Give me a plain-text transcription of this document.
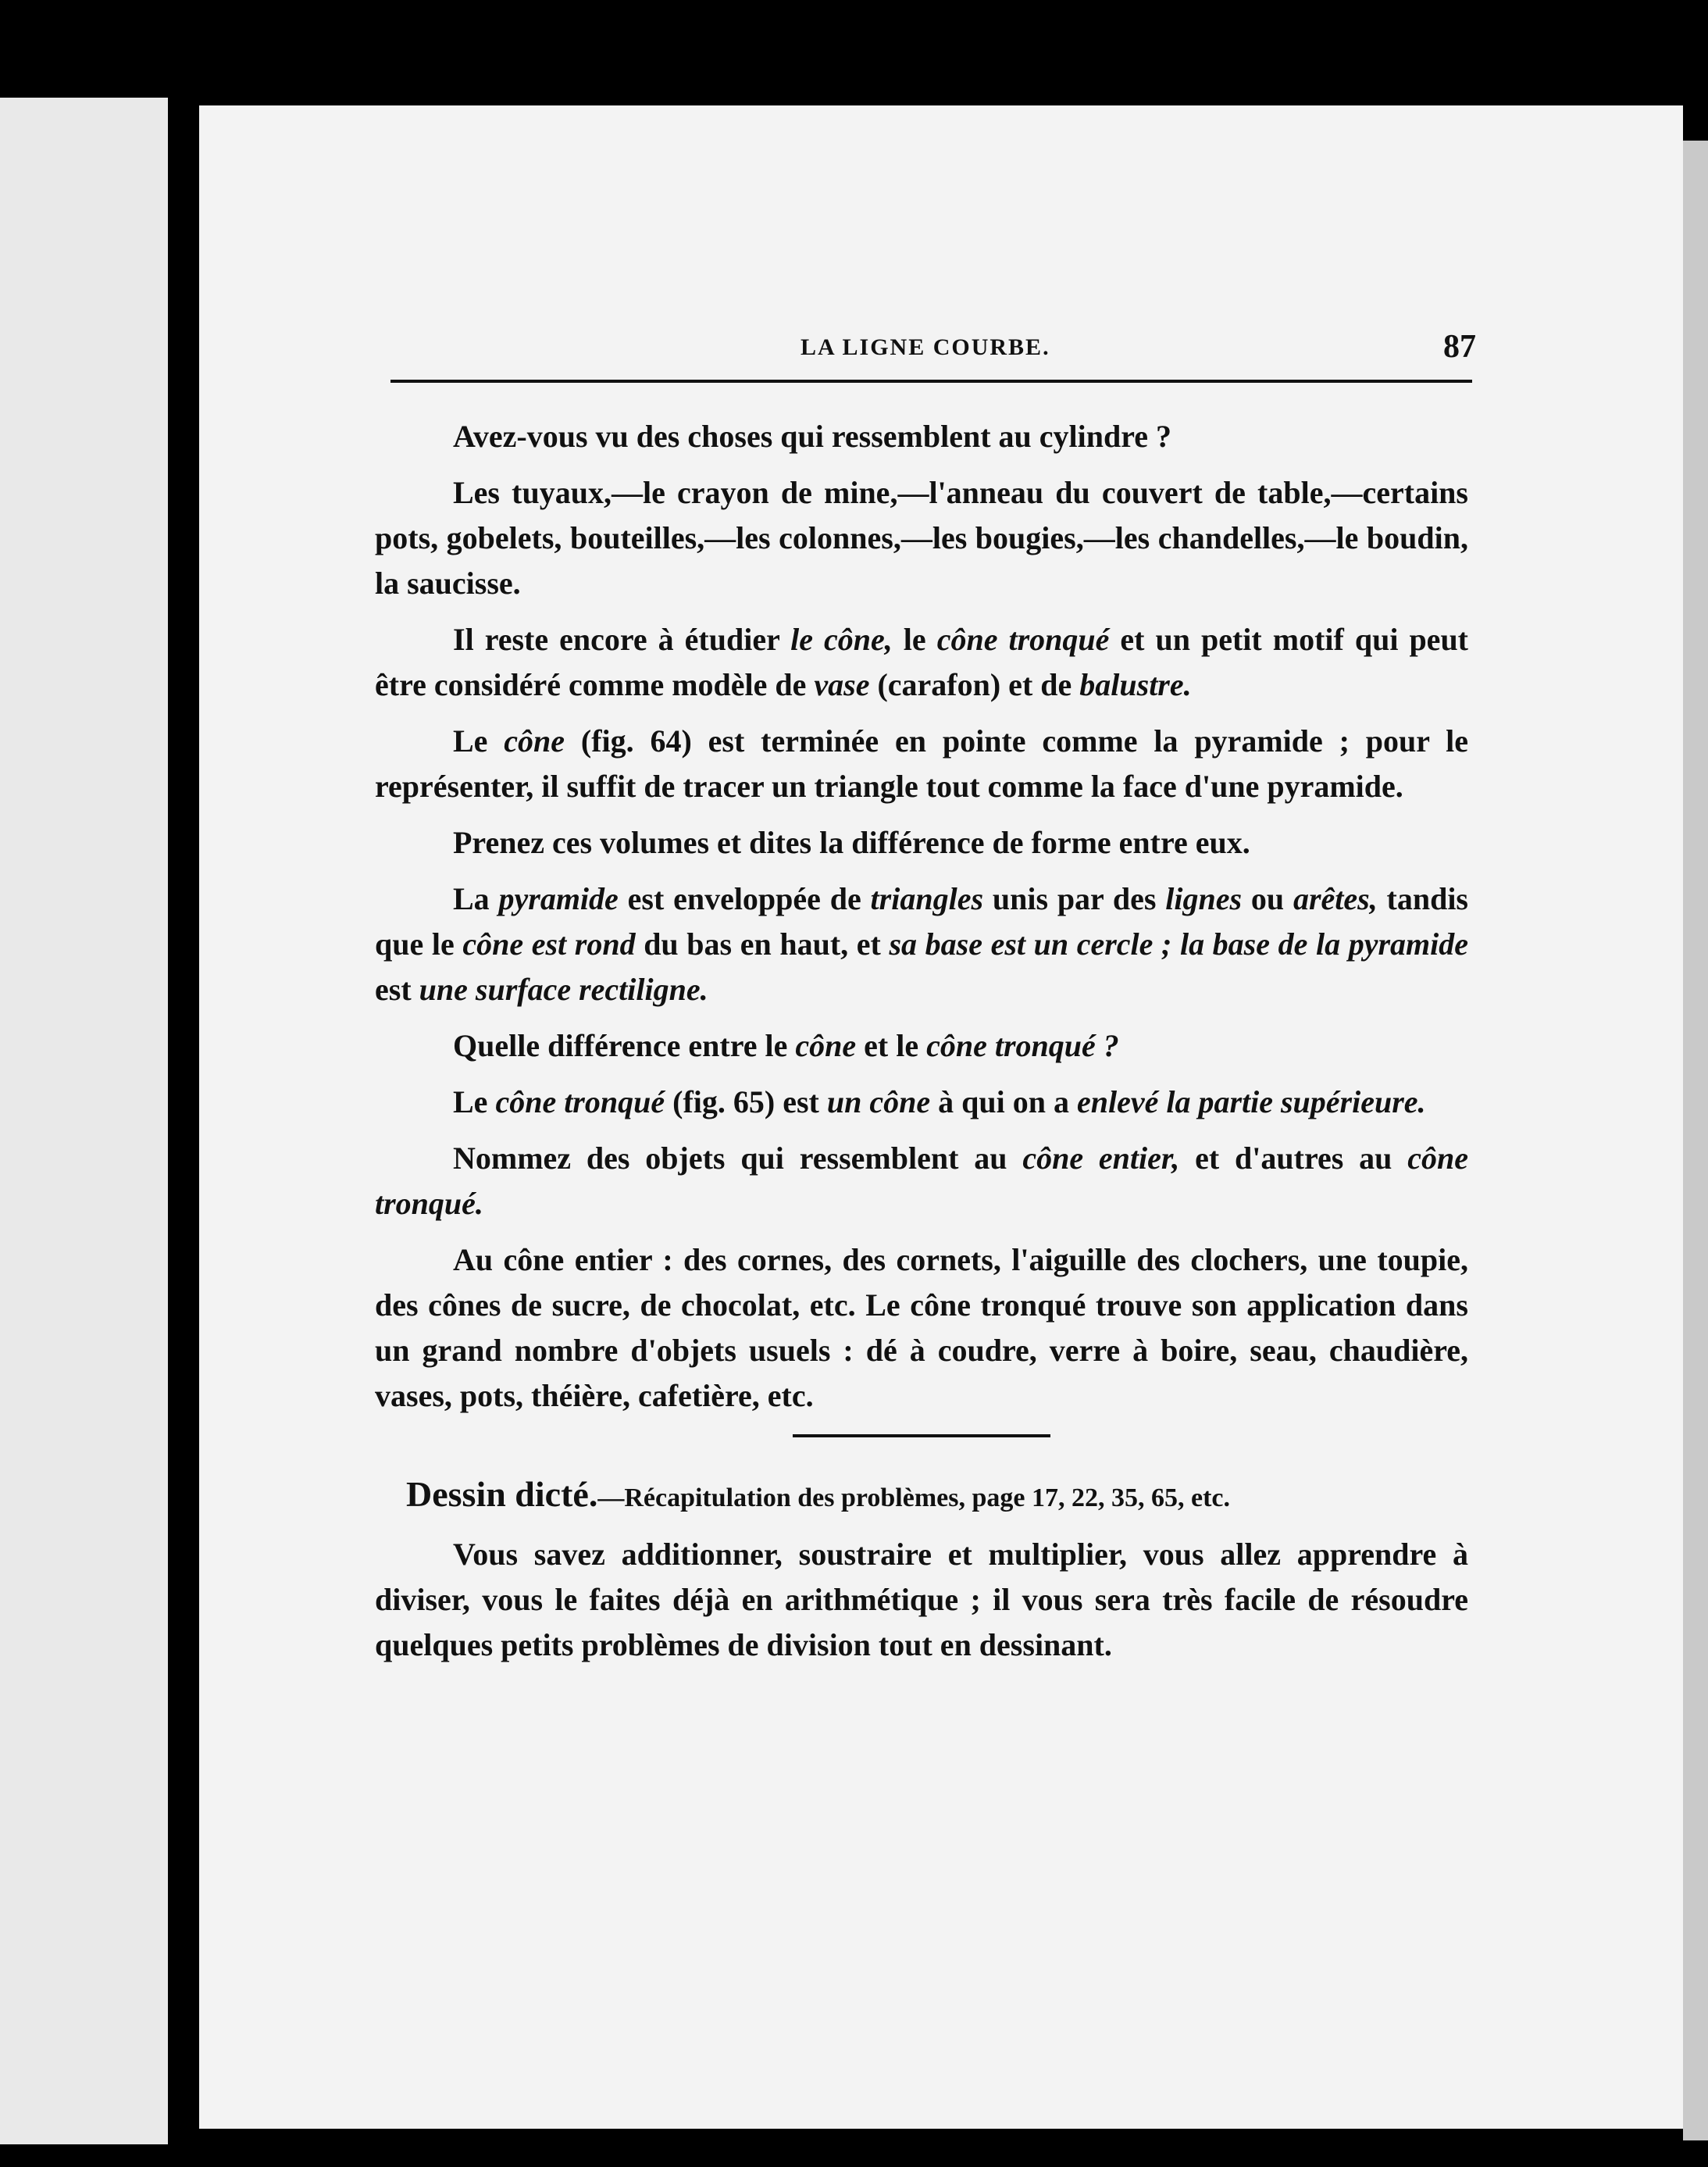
LA LIGNE COURBE.	87

Avez-vous vu des choses qui ressemblent au cylindre ?

Les tuyaux,—le crayon de mine,—l'anneau du couvert de table,—certains pots, gobelets, bouteilles,—les colonnes,—les bougies,—les chandelles,—le boudin, la saucisse.

Il reste encore à étudier le cône, le cône tronqué et un petit motif qui peut être considéré comme modèle de vase (carafon) et de balustre.

Le cône (fig. 64) est terminée en pointe comme la pyramide ; pour le représenter, il suffit de tracer un triangle tout comme la face d'une pyramide.

Prenez ces volumes et dites la différence de forme entre eux.

La pyramide est enveloppée de triangles unis par des lignes ou arêtes, tandis que le cône est rond du bas en haut, et sa base est un cercle ; la base de la pyramide est une surface rectiligne.

Quelle différence entre le cône et le cône tronqué ?

Le cône tronqué (fig. 65) est un cône à qui on a enlevé la partie supérieure.

Nommez des objets qui ressemblent au cône entier, et d'autres au cône tronqué.

Au cône entier : des cornes, des cornets, l'aiguille des clochers, une toupie, des cônes de sucre, de chocolat, etc. Le cône tronqué trouve son application dans un grand nombre d'objets usuels : dé à coudre, verre à boire, seau, chaudière, vases, pots, théière, cafetière, etc.

Dessin dicté.—Récapitulation des problèmes, page 17, 22, 35, 65, etc.

Vous savez additionner, soustraire et multiplier, vous allez apprendre à diviser, vous le faites déjà en arithmétique ; il vous sera très facile de résoudre quelques petits problèmes de division tout en dessinant.
